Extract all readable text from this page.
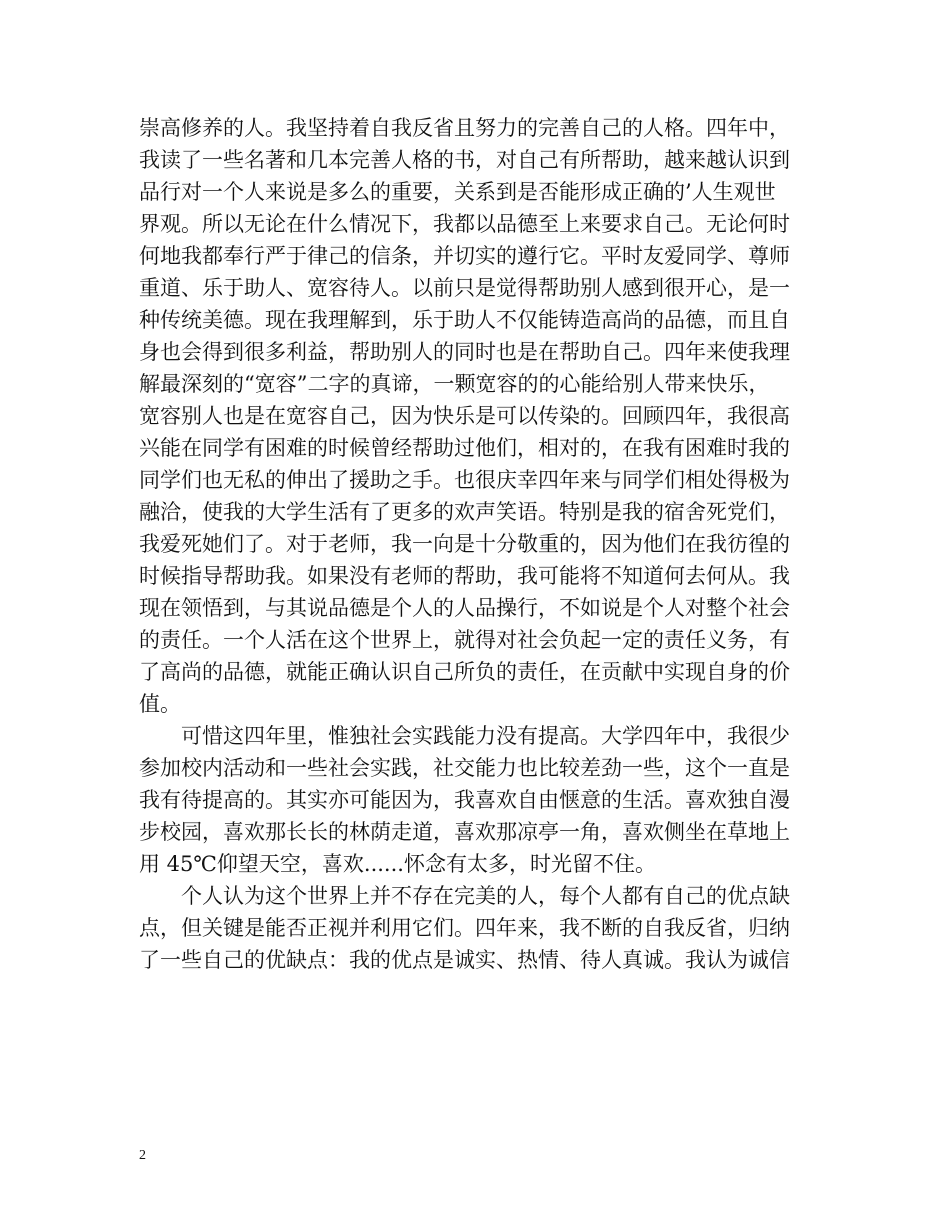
崇高修养的人。我坚持着自我反省且努力的完善自己的人格。四年中，
我读了一些名著和几本完善人格的书，对自己有所帮助，越来越认识到
品行对一个人来说是多么的重要，关系到是否能形成正确的’人生观世
界观。所以无论在什么情况下，我都以品德至上来要求自己。无论何时
何地我都奉行严于律己的信条，并切实的遵行它。平时友爱同学、尊师
重道、乐于助人、宽容待人。以前只是觉得帮助别人感到很开心，是一
种传统美德。现在我理解到，乐于助人不仅能铸造高尚的品德，而且自
身也会得到很多利益，帮助别人的同时也是在帮助自己。四年来使我理
解最深刻的“宽容”二字的真谛，一颗宽容的的心能给别人带来快乐，
宽容别人也是在宽容自己，因为快乐是可以传染的。回顾四年，我很高
兴能在同学有困难的时候曾经帮助过他们，相对的，在我有困难时我的
同学们也无私的伸出了援助之手。也很庆幸四年来与同学们相处得极为
融洽，使我的大学生活有了更多的欢声笑语。特别是我的宿舍死党们，
我爱死她们了。对于老师，我一向是十分敬重的，因为他们在我彷徨的
时候指导帮助我。如果没有老师的帮助，我可能将不知道何去何从。我
现在领悟到，与其说品德是个人的人品操行，不如说是个人对整个社会
的责任。一个人活在这个世界上，就得对社会负起一定的责任义务，有
了高尚的品德，就能正确认识自己所负的责任，在贡献中实现自身的价
值。
可惜这四年里，惟独社会实践能力没有提高。大学四年中，我很少
参加校内活动和一些社会实践，社交能力也比较差劲一些，这个一直是
我有待提高的。其实亦可能因为，我喜欢自由惬意的生活。喜欢独自漫
步校园，喜欢那长长的林荫走道，喜欢那凉亭一角，喜欢侧坐在草地上
用 45℃仰望天空，喜欢......怀念有太多，时光留不住。
个人认为这个世界上并不存在完美的人，每个人都有自己的优点缺
点，但关键是能否正视并利用它们。四年来，我不断的自我反省，归纳
了一些自己的优缺点：我的优点是诚实、热情、待人真诚。我认为诚信
2
